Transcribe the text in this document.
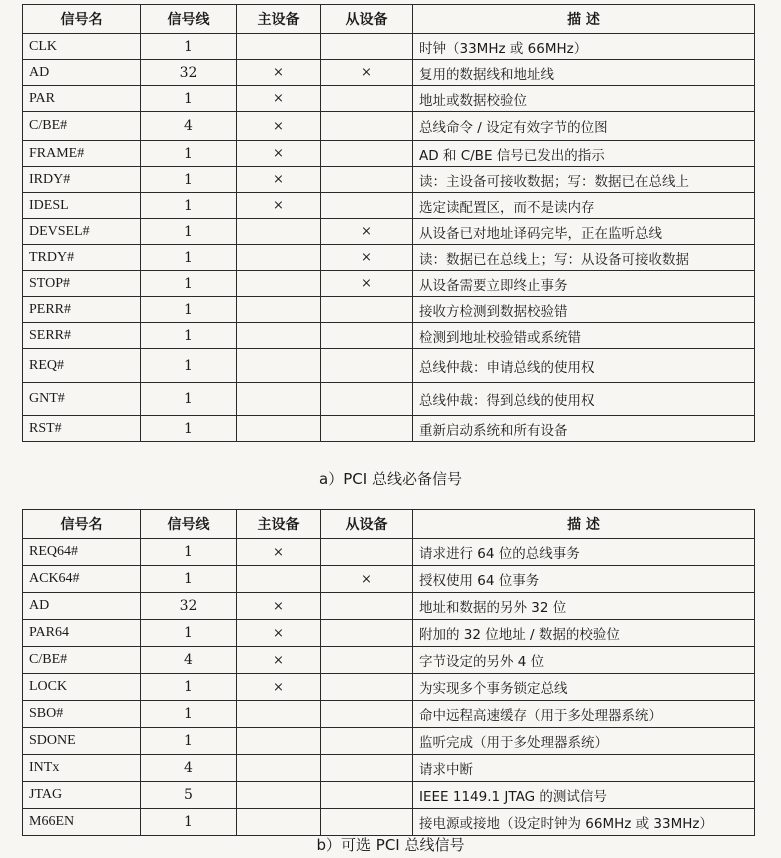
信号名	信号线	主设备	从设备	描 述
CLK	1			时钟（33MHz 或 66MHz）
AD	32	×	×	复用的数据线和地址线
PAR	1	×		地址或数据校验位
C/BE#	4	×		总线命令 / 设定有效字节的位图
FRAME#	1	×		AD 和 C/BE 信号已发出的指示
IRDY#	1	×		读：主设备可接收数据；写：数据已在总线上
IDESL	1	×		选定读配置区，而不是读内存
DEVSEL#	1		×	从设备已对地址译码完毕，正在监听总线
TRDY#	1		×	读：数据已在总线上；写：从设备可接收数据
STOP#	1		×	从设备需要立即终止事务
PERR#	1			接收方检测到数据校验错
SERR#	1			检测到地址校验错或系统错
REQ#	1			总线仲裁：申请总线的使用权
GNT#	1			总线仲裁：得到总线的使用权
RST#	1			重新启动系统和所有设备
a）PCI 总线必备信号
信号名	信号线	主设备	从设备	描 述
REQ64#	1	×		请求进行 64 位的总线事务
ACK64#	1		×	授权使用 64 位事务
AD	32	×		地址和数据的另外 32 位
PAR64	1	×		附加的 32 位地址 / 数据的校验位
C/BE#	4	×		字节设定的另外 4 位
LOCK	1	×		为实现多个事务锁定总线
SBO#	1			命中远程高速缓存（用于多处理器系统）
SDONE	1			监听完成（用于多处理器系统）
INTx	4			请求中断
JTAG	5			IEEE 1149.1 JTAG 的测试信号
M66EN	1			接电源或接地（设定时钟为 66MHz 或 33MHz）
b）可选 PCI 总线信号
